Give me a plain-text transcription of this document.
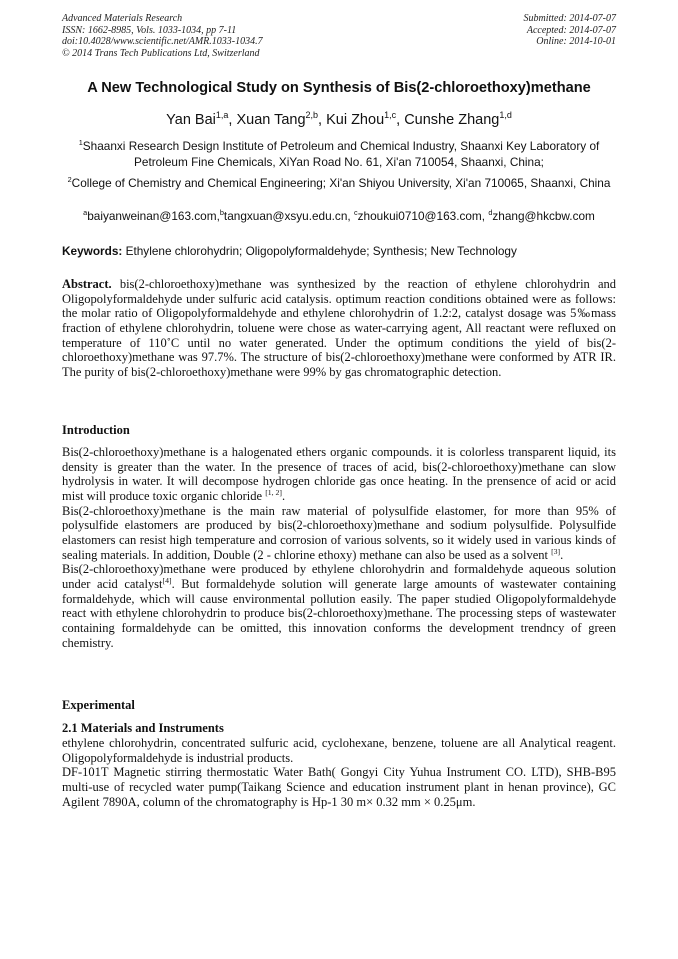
Advanced Materials Research
ISSN: 1662-8985, Vols. 1033-1034, pp 7-11
doi:10.4028/www.scientific.net/AMR.1033-1034.7
© 2014 Trans Tech Publications Ltd, Switzerland
Submitted: 2014-07-07
Accepted: 2014-07-07
Online: 2014-10-01
A New Technological Study on Synthesis of Bis(2-chloroethoxy)methane
Yan Bai$^{1,a}$, Xuan Tang$^{2,b}$, Kui Zhou$^{1,c}$, Cunshe Zhang$^{1,d}$
$^1$Shaanxi Research Design Institute of Petroleum and Chemical Industry, Shaanxi Key Laboratory of Petroleum Fine Chemicals, XiYan Road No. 61, Xi'an 710054, Shaanxi, China;
$^2$College of Chemistry and Chemical Engineering; Xi'an Shiyou University, Xi'an 710065, Shaanxi, China
$^a$baiyanweinan@163.com,$^b$tangxuan@xsyu.edu.cn, $^c$zhoukui0710@163.com, $^d$zhang@hkcbw.com
Keywords: Ethylene chlorohydrin; Oligopolyformaldehyde; Synthesis; New Technology

Abstract. bis(2-chloroethoxy)methane was synthesized by the reaction of ethylene chlorohydrin and Oligopolyformaldehyde under sulfuric acid catalysis. optimum reaction conditions obtained were as follows: the molar ratio of Oligopolyformaldehyde and ethylene chlorohydrin of 1.2:2, catalyst dosage was 5‰mass fraction of ethylene chlorohydrin, toluene were chose as water-carrying agent, All reactant were refluxed on temperature of 110˚C until no water generated. Under the optimum conditions the yield of bis(2-chloroethoxy)methane was 97.7%. The structure of bis(2-chloroethoxy)methane were conformed by ATR IR. The purity of bis(2-chloroethoxy)methane were 99% by gas chromatographic detection.

Introduction

Bis(2-chloroethoxy)methane is a halogenated ethers organic compounds. it is colorless transparent liquid, its density is greater than the water. In the presence of traces of acid, bis(2-chloroethoxy)methane can slow hydrolysis in water. It will decompose hydrogen chloride gas once heating. In the prensence of acid or acid mist will produce toxic organic chloride [1, 2].

Bis(2-chloroethoxy)methane is the main raw material of polysulfide elastomer, for more than 95% of polysulfide elastomers are produced by bis(2-chloroethoxy)methane and sodium polysulfide. Polysulfide elastomers can resist high temperature and corrosion of various solvents, so it widely used in various kinds of sealing materials. In addition, Double (2 - chlorine ethoxy) methane can also be used as a solvent [3].

Bis(2-chloroethoxy)methane were produced by ethylene chlorohydrin and formaldehyde aqueous solution under acid catalyst[4]. But formaldehyde solution will generate large amounts of wastewater containing formaldehyde, which will cause environmental pollution easily. The paper studied Oligopolyformaldehyde react with ethylene chlorohydrin to produce bis(2-chloroethoxy)methane. The processing steps of wastewater containing formaldehyde can be omitted, this innovation conforms the development trendncy of green chemistry.

Experimental
2.1 Materials and Instruments

ethylene chlorohydrin, concentrated sulfuric acid, cyclohexane, benzene, toluene are all Analytical reagent. Oligopolyformaldehyde is industrial products.

DF-101T Magnetic stirring thermostatic Water Bath( Gongyi City Yuhua Instrument CO. LTD), SHB-B95 multi-use of recycled water pump(Taikang Science and education instrument plant in henan province), GC Agilent 7890A, column of the chromatography is Hp-1 30 m× 0.32 mm × 0.25μm.
